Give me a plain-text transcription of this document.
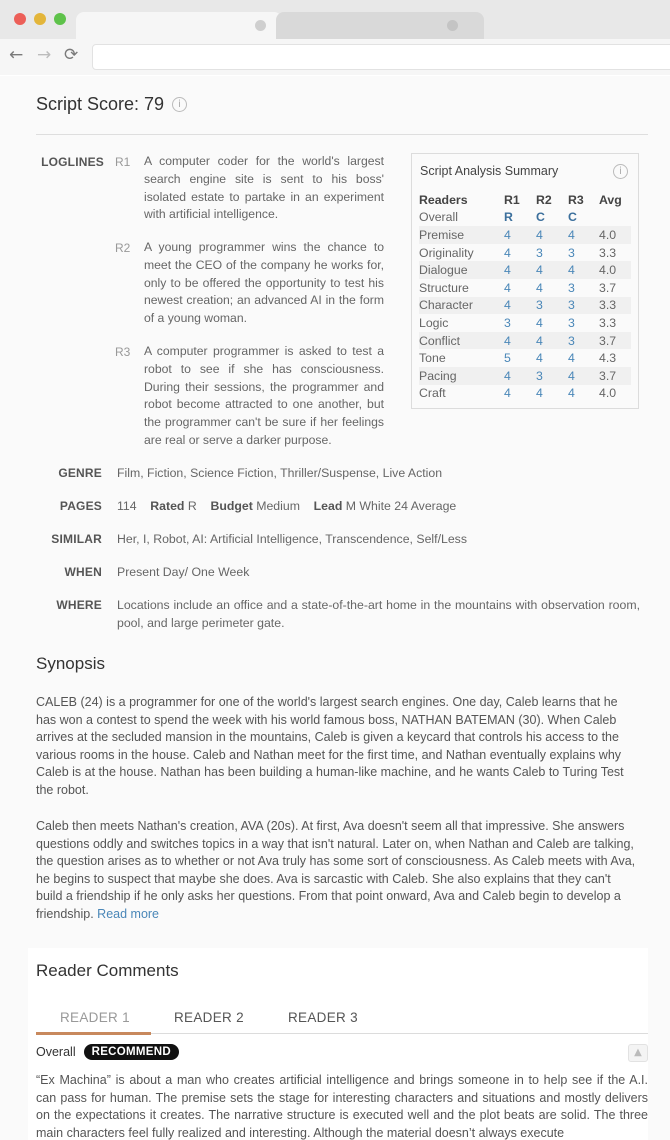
← → ⟳
Script Score: 79	i
LOGLINES R1 A computer coder for the world's largest search engine site is sent to his boss' isolated estate to partake in an experiment with artificial intelligence.
R2 A young programmer wins the chance to meet the CEO of the company he works for, only to be offered the opportunity to test his newest creation; an advanced AI in the form of a young woman.
R3 A computer programmer is asked to test a robot to see if she has consciousness. During their sessions, the programmer and robot become attracted to one another, but the programmer can't be sure if her feelings are real or serve a darker purpose.
GENRE Film, Fiction, Science Fiction, Thriller/Suspense, Live Action
PAGES 114 Rated R Budget Medium Lead M White 24 Average
SIMILAR Her, I, Robot, AI: Artificial Intelligence, Transcendence, Self/Less
WHEN Present Day/ One Week
WHERE Locations include an office and a state-of-the-art home in the mountains with observation room, pool, and large perimeter gate.
Script Analysis Summary	i
Readers	R1	R2	R3	Avg
Overall	R	C	C	
Premise	4	4	4	4.0
Originality	4	3	3	3.3
Dialogue	4	4	4	4.0
Structure	4	4	3	3.7
Character	4	3	3	3.3
Logic	3	4	3	3.3
Conflict	4	4	3	3.7
Tone	5	4	4	4.3
Pacing	4	3	4	3.7
Craft	4	4	4	4.0
Synopsis
CALEB (24) is a programmer for one of the world's largest search engines. One day, Caleb learns that he has won a contest to spend the week with his world famous boss, NATHAN BATEMAN (30). When Caleb arrives at the secluded mansion in the mountains, Caleb is given a keycard that controls his access to the various rooms in the house. Caleb and Nathan meet for the first time, and Nathan eventually explains why Caleb is at the house. Nathan has been building a human-like machine, and he wants Caleb to Turing Test the robot.
Caleb then meets Nathan's creation, AVA (20s). At first, Ava doesn't seem all that impressive. She answers questions oddly and switches topics in a way that isn't natural. Later on, when Nathan and Caleb are talking, the question arises as to whether or not Ava truly has some sort of consciousness. As Caleb meets with Ava, he begins to suspect that maybe she does. Ava is sarcastic with Caleb. She also explains that they can't build a friendship if he only asks her questions. From that point onward, Ava and Caleb begin to develop a friendship. Read more
Reader Comments
READER 1	READER 2	READER 3
Overall	RECOMMEND	▲
“Ex Machina” is about a man who creates artificial intelligence and brings someone in to help see if the A.I. can pass for human. The premise sets the stage for interesting characters and situations and mostly delivers on the expectations it creates. The narrative structure is executed well and the plot beats are solid. The three main characters feel fully realized and interesting. Although the material doesn’t always execute
